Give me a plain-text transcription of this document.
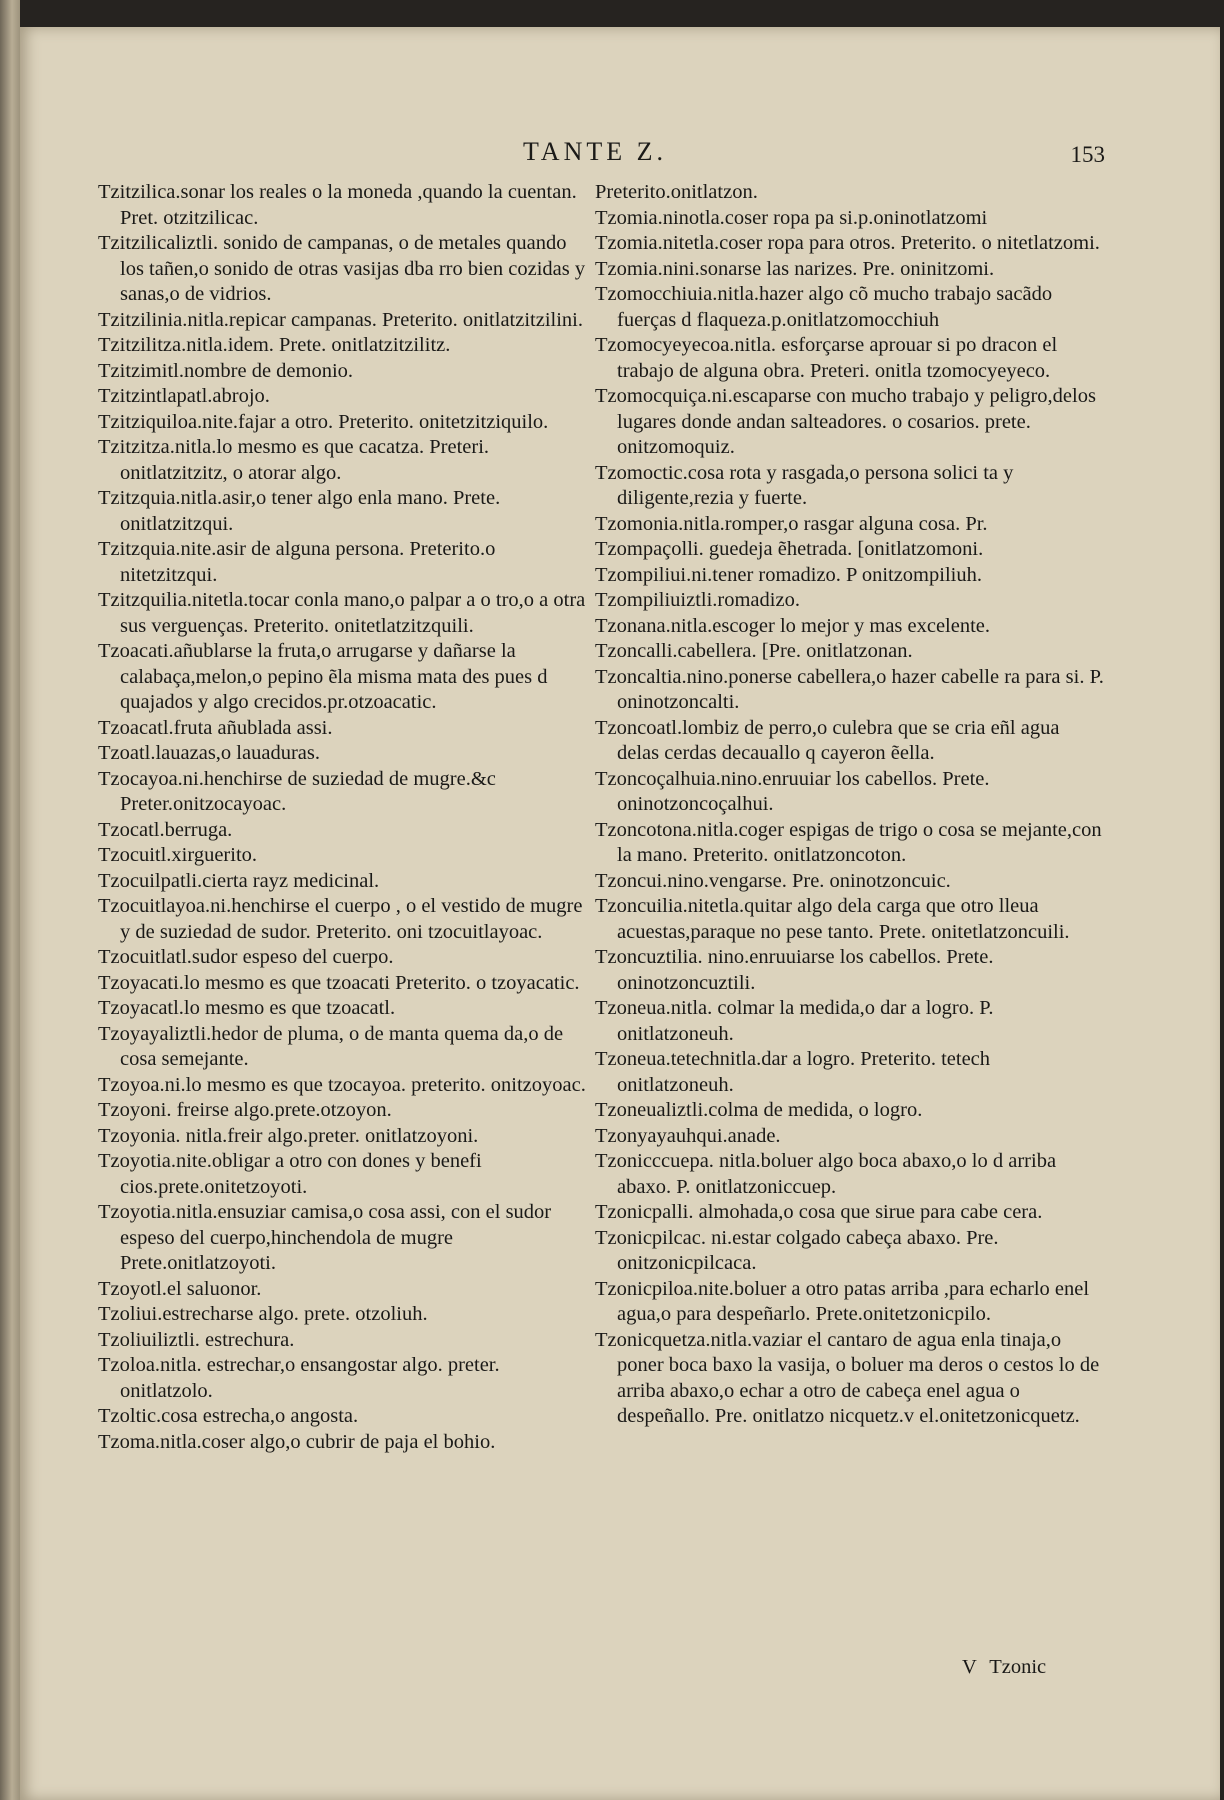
TANTE Z.	153

Tzitzilica.sonar los reales o la moneda ,quando la cuentan. Pret. otzitzilicac.

Tzitzilicaliztli. sonido de campanas, o de metales quando los tañen,o sonido de otras vasijas dba rro bien cozidas y sanas,o de vidrios.

Tzitzilinia.nitla.repicar campanas. Preterito. onitlatzitzilini.

Tzitzilitza.nitla.idem. Prete. onitlatzitzilitz.

Tzitzimitl.nombre de demonio.

Tzitzintlapatl.abrojo.

Tzitziquiloa.nite.fajar a otro. Preterito. onitetzitziquilo.

Tzitzitza.nitla.lo mesmo es que cacatza. Preteri. onitlatzitzitz, o atorar algo.

Tzitzquia.nitla.asir,o tener algo enla mano. Prete. onitlatzitzqui.

Tzitzquia.nite.asir de alguna persona. Preterito.o nitetzitzqui.

Tzitzquilia.nitetla.tocar conla mano,o palpar a o tro,o a otra sus verguenças. Preterito. onitetlatzitzquili.

Tzoacati.añublarse la fruta,o arrugarse y dañarse la calabaça,melon,o pepino ẽla misma mata des pues d quajados y algo crecidos.pr.otzoacatic.

Tzoacatl.fruta añublada assi.

Tzoatl.lauazas,o lauaduras.

Tzocayoa.ni.henchirse de suziedad de mugre.&c Preter.onitzocayoac.

Tzocatl.berruga.

Tzocuitl.xirguerito.

Tzocuilpatli.cierta rayz medicinal.

Tzocuitlayoa.ni.henchirse el cuerpo , o el vestido de mugre y de suziedad de sudor. Preterito. oni tzocuitlayoac.

Tzocuitlatl.sudor espeso del cuerpo.

Tzoyacati.lo mesmo es que tzoacati Preterito. o tzoyacatic.

Tzoyacatl.lo mesmo es que tzoacatl.

Tzoyayaliztli.hedor de pluma, o de manta quema da,o de cosa semejante.

Tzoyoa.ni.lo mesmo es que tzocayoa. preterito. onitzoyoac.

Tzoyoni. freirse algo.prete.otzoyon.

Tzoyonia. nitla.freir algo.preter. onitlatzoyoni.

Tzoyotia.nite.obligar a otro con dones y benefi cios.prete.onitetzoyoti.

Tzoyotia.nitla.ensuziar camisa,o cosa assi, con el sudor espeso del cuerpo,hinchendola de mugre Prete.onitlatzoyoti.

Tzoyotl.el saluonor.

Tzoliui.estrecharse algo. prete. otzoliuh.

Tzoliuiliztli. estrechura.

Tzoloa.nitla. estrechar,o ensangostar algo. preter. onitlatzolo.

Tzoltic.cosa estrecha,o angosta.

Tzoma.nitla.coser algo,o cubrir de paja el bohio.

Preterito.onitlatzon.

Tzomia.ninotla.coser ropa pa si.p.oninotlatzomi

Tzomia.nitetla.coser ropa para otros. Preterito. o nitetlatzomi.

Tzomia.nini.sonarse las narizes. Pre. oninitzomi.

Tzomocchiuia.nitla.hazer algo cõ mucho trabajo sacãdo fuerças d flaqueza.p.onitlatzomocchiuh

Tzomocyeyecoa.nitla. esforçarse aprouar si po dracon el trabajo de alguna obra. Preteri. onitla tzomocyeyeco.

Tzomocquiça.ni.escaparse con mucho trabajo y peligro,delos lugares donde andan salteadores. o cosarios. prete. onitzomoquiz.

Tzomoctic.cosa rota y rasgada,o persona solici ta y diligente,rezia y fuerte.

Tzomonia.nitla.romper,o rasgar alguna cosa. Pr.

Tzompaçolli. guedeja ẽhetrada. [onitlatzomoni.

Tzompiliui.ni.tener romadizo. P onitzompiliuh.

Tzompiliuiztli.romadizo.

Tzonana.nitla.escoger lo mejor y mas excelente.

Tzoncalli.cabellera. [Pre. onitlatzonan.

Tzoncaltia.nino.ponerse cabellera,o hazer cabelle ra para si. P. oninotzoncalti.

Tzoncoatl.lombiz de perro,o culebra que se cria eñl agua delas cerdas decauallo q cayeron ẽella.

Tzoncoçalhuia.nino.enruuiar los cabellos. Prete. oninotzoncoçalhui.

Tzoncotona.nitla.coger espigas de trigo o cosa se mejante,con la mano. Preterito. onitlatzoncoton.

Tzoncui.nino.vengarse. Pre. oninotzoncuic.

Tzoncuilia.nitetla.quitar algo dela carga que otro lleua acuestas,paraque no pese tanto. Prete. onitetlatzoncuili.

Tzoncuztilia. nino.enruuiarse los cabellos. Prete. oninotzoncuztili.

Tzoneua.nitla. colmar la medida,o dar a logro. P. onitlatzoneuh.

Tzoneua.tetechnitla.dar a logro. Preterito. tetech onitlatzoneuh.

Tzoneualiztli.colma de medida, o logro.

Tzonyayauhqui.anade.

Tzonicccuepa. nitla.boluer algo boca abaxo,o lo d arriba abaxo. P. onitlatzoniccuep.

Tzonicpalli. almohada,o cosa que sirue para cabe cera.

Tzonicpilcac. ni.estar colgado cabeça abaxo. Pre. onitzonicpilcaca.

Tzonicpiloa.nite.boluer a otro patas arriba ,para echarlo enel agua,o para despeñarlo. Prete.onitetzonicpilo.

Tzonicquetza.nitla.vaziar el cantaro de agua enla tinaja,o poner boca baxo la vasija, o boluer ma deros o cestos lo de arriba abaxo,o echar a otro de cabeça enel agua o despeñallo. Pre. onitlatzo nicquetz.v el.onitetzonicquetz.

V Tzonic
